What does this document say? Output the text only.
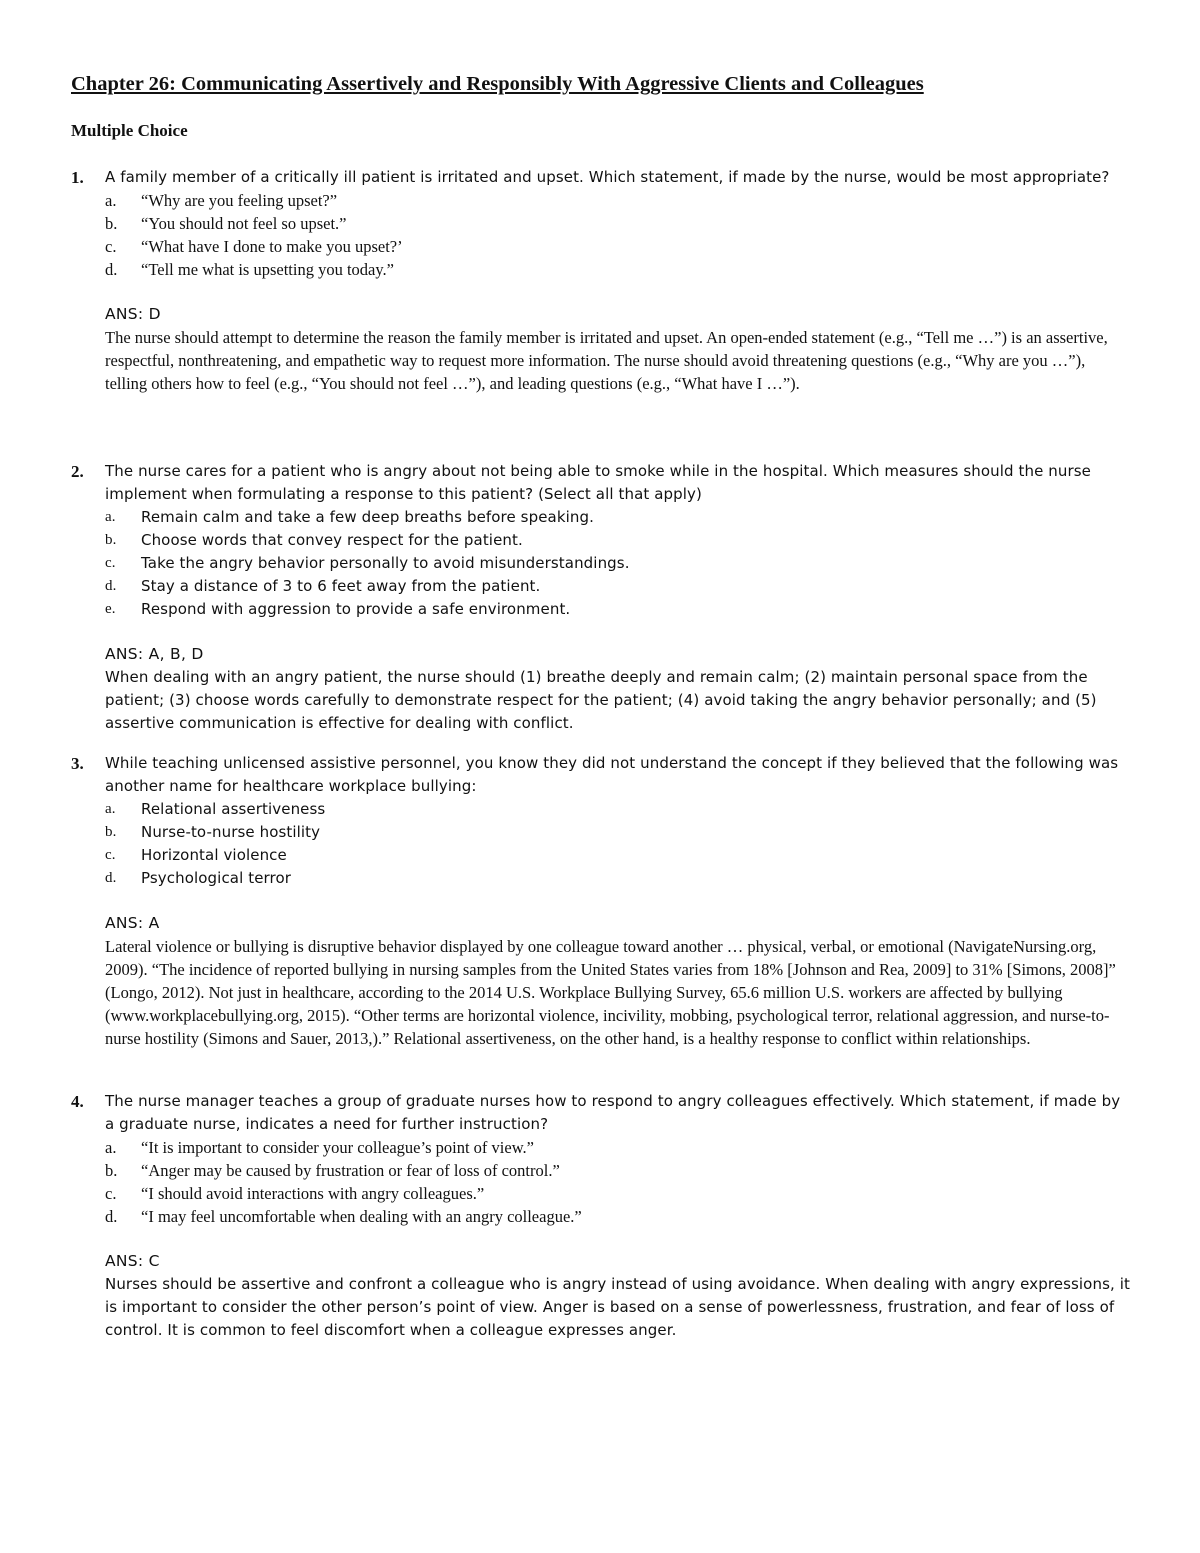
Chapter 26: Communicating Assertively and Responsibly With Aggressive Clients and Colleagues
Multiple Choice
1.	A family member of a critically ill patient is irritated and upset. Which statement, if made by the nurse, would be most appropriate?

a.	“Why are you feeling upset?”
b.	“You should not feel so upset.”
c.	“What have I done to make you upset?’
d.	“Tell me what is upsetting you today.”

ANS: D

The nurse should attempt to determine the reason the family member is irritated and upset. An open-ended statement (e.g., “Tell me …”) is an assertive, respectful, nonthreatening, and empathetic way to request more information. The nurse should avoid threatening questions (e.g., “Why are you …”), telling others how to feel (e.g., “You should not feel …”), and leading questions (e.g., “What have I …”).

2.	The nurse cares for a patient who is angry about not being able to smoke while in the hospital. Which measures should the nurse implement when formulating a response to this patient? (Select all that apply)

a.	Remain calm and take a few deep breaths before speaking.
b.	Choose words that convey respect for the patient.
c.	Take the angry behavior personally to avoid misunderstandings.
d.	Stay a distance of 3 to 6 feet away from the patient.
e.	Respond with aggression to provide a safe environment.

ANS: A, B, D

When dealing with an angry patient, the nurse should (1) breathe deeply and remain calm; (2) maintain personal space from the patient; (3) choose words carefully to demonstrate respect for the patient; (4) avoid taking the angry behavior personally; and (5) assertive communication is effective for dealing with conflict.

3.	While teaching unlicensed assistive personnel, you know they did not understand the concept if they believed that the following was another name for healthcare workplace bullying:

a.	Relational assertiveness
b.	Nurse-to-nurse hostility
c.	Horizontal violence
d.	Psychological terror

ANS: A

Lateral violence or bullying is disruptive behavior displayed by one colleague toward another … physical, verbal, or emotional (NavigateNursing.org, 2009). “The incidence of reported bullying in nursing samples from the United States varies from 18% [Johnson and Rea, 2009] to 31% [Simons, 2008]” (Longo, 2012). Not just in healthcare, according to the 2014 U.S. Workplace Bullying Survey, 65.6 million U.S. workers are affected by bullying (www.workplacebullying.org, 2015). “Other terms are horizontal violence, incivility, mobbing, psychological terror, relational aggression, and nurse-to-nurse hostility (Simons and Sauer, 2013,).” Relational assertiveness, on the other hand, is a healthy response to conflict within relationships.

4.	The nurse manager teaches a group of graduate nurses how to respond to angry colleagues effectively. Which statement, if made by a graduate nurse, indicates a need for further instruction?

a.	“It is important to consider your colleague’s point of view.”
b.	“Anger may be caused by frustration or fear of loss of control.”
c.	“I should avoid interactions with angry colleagues.”
d.	“I may feel uncomfortable when dealing with an angry colleague.”

ANS: C

Nurses should be assertive and confront a colleague who is angry instead of using avoidance. When dealing with angry expressions, it is important to consider the other person’s point of view. Anger is based on a sense of powerlessness, frustration, and fear of loss of control. It is common to feel discomfort when a colleague expresses anger.
